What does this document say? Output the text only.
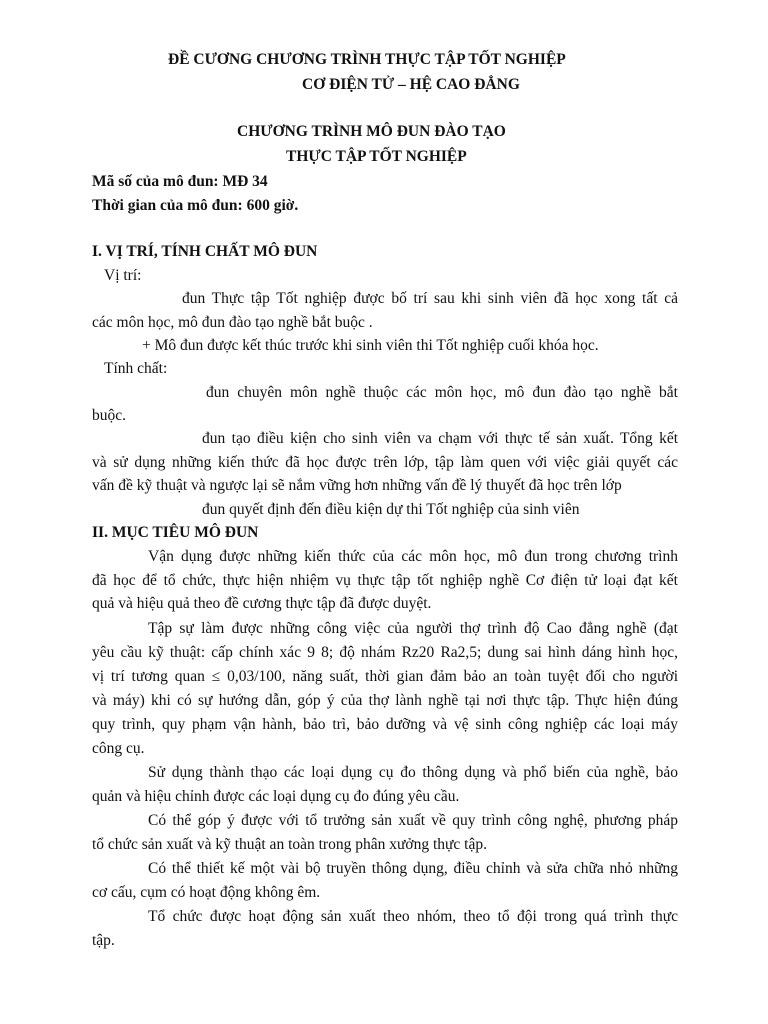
ĐỀ CƯƠNG CHƯƠNG TRÌNH THỰC TẬP TỐT NGHIỆP

CƠ ĐIỆN TỬ – HỆ CAO ĐẲNG

CHƯƠNG TRÌNH MÔ ĐUN ĐÀO TẠO

THỰC TẬP TỐT NGHIỆP

Mã số của mô đun: MĐ 34

Thời gian của mô đun: 600 giờ.

I. VỊ TRÍ, TÍNH CHẤT MÔ ĐUN

Vị trí:

đun Thực tập Tốt nghiệp được bố trí sau khi sinh viên đã học xong tất cả

các môn học, mô đun đào tạo nghề bắt buộc .

+ Mô đun được kết thúc trước khi sinh viên thi Tốt nghiệp cuối khóa học.

Tính chất:

đun chuyên môn nghề thuộc các môn học, mô đun đào tạo nghề bắt

buộc.

đun tạo điều kiện cho sinh viên va chạm với thực tế sản xuất. Tổng kết

và sử dụng những kiến thức đã học được trên lớp, tập làm quen với việc giải quyết các

vấn đề kỹ thuật và ngược lại sẽ nắm vững hơn những vấn đề lý thuyết đã học trên lớp

đun quyết định đến điều kiện dự thi Tốt nghiệp của sinh viên

II. MỤC TIÊU MÔ ĐUN

Vận dụng được những kiến thức của các môn học, mô đun trong chương trình

đã học để tổ chức, thực hiện nhiệm vụ thực tập tốt nghiệp nghề Cơ điện tử loại đạt kết

quả và hiệu quả theo đề cương thực tập đã được duyệt.

Tập sự làm được những công việc của người thợ trình độ Cao đẳng nghề (đạt

yêu cầu kỹ thuật: cấp chính xác 9 8; độ nhám Rz20 Ra2,5; dung sai hình dáng hình học,

vị trí tương quan ≤ 0,03/100, năng suất, thời gian đảm bảo an toàn tuyệt đối cho người

và máy) khi có sự hướng dẫn, góp ý của thợ lành nghề tại nơi thực tập. Thực hiện đúng

quy trình, quy phạm vận hành, bảo trì, bảo dưỡng và vệ sinh công nghiệp các loại máy

công cụ.

Sử dụng thành thạo các loại dụng cụ đo thông dụng và phổ biến của nghề, bảo

quản và hiệu chỉnh được các loại dụng cụ đo đúng yêu cầu.

Có thể góp ý được với tổ trưởng sản xuất về quy trình công nghệ, phương pháp

tổ chức sản xuất và kỹ thuật an toàn trong phân xưởng thực tập.

Có thể thiết kế một vài bộ truyền thông dụng, điều chỉnh và sửa chữa nhỏ những

cơ cấu, cụm có hoạt động không êm.

Tổ chức được hoạt động sản xuất theo nhóm, theo tổ đội trong quá trình thực

tập.
